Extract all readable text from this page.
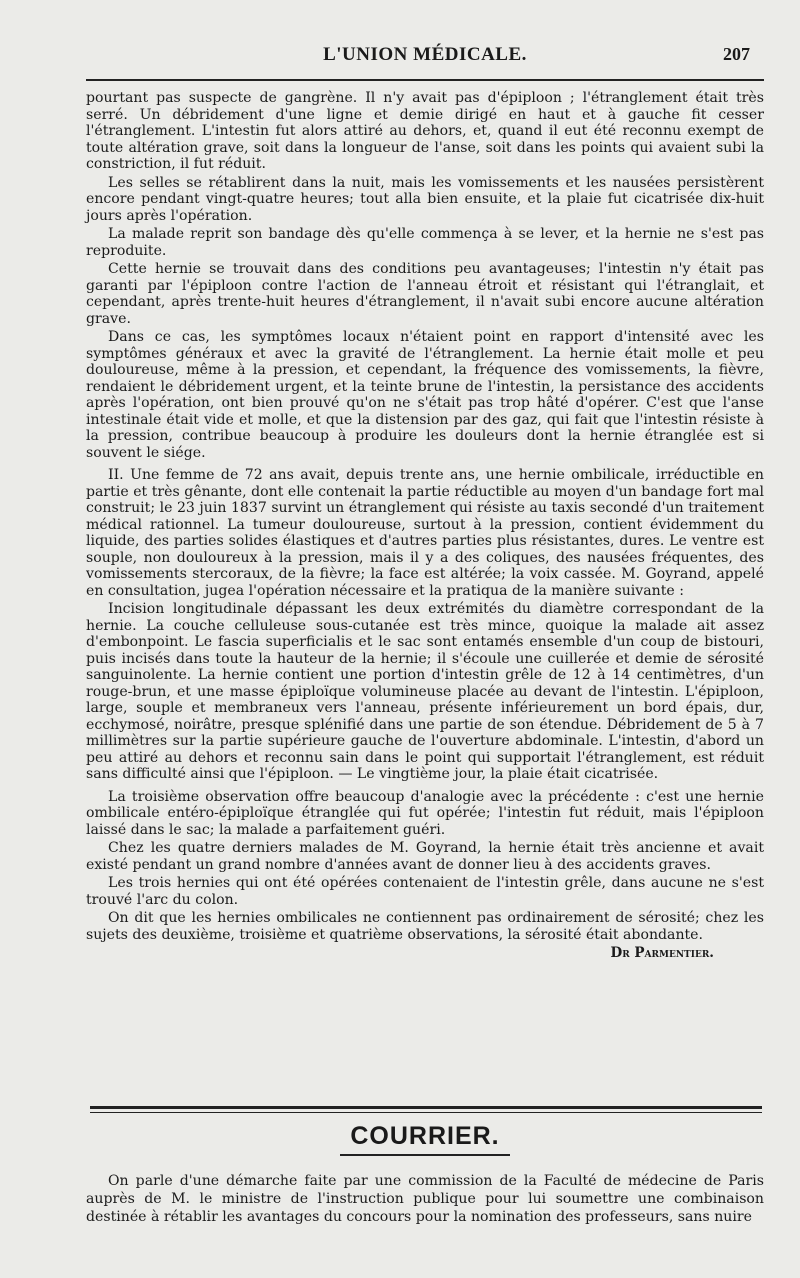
L'UNION MÉDICALE.	207

pourtant pas suspecte de gangrène. Il n'y avait pas d'épiploon ; l'étranglement était très serré. Un débridement d'une ligne et demie dirigé en haut et à gauche fit cesser l'étranglement. L'intestin fut alors attiré au dehors, et, quand il eut été reconnu exempt de toute altération grave, soit dans la longueur de l'anse, soit dans les points qui avaient subi la constriction, il fut réduit.

Les selles se rétablirent dans la nuit, mais les vomissements et les nausées persistèrent encore pendant vingt-quatre heures; tout alla bien ensuite, et la plaie fut cicatrisée dix-huit jours après l'opération.

La malade reprit son bandage dès qu'elle commença à se lever, et la hernie ne s'est pas reproduite.

Cette hernie se trouvait dans des conditions peu avantageuses; l'intestin n'y était pas garanti par l'épiploon contre l'action de l'anneau étroit et résistant qui l'étranglait, et cependant, après trente-huit heures d'étranglement, il n'avait subi encore aucune altération grave.

Dans ce cas, les symptômes locaux n'étaient point en rapport d'intensité avec les symptômes généraux et avec la gravité de l'étranglement. La hernie était molle et peu douloureuse, même à la pression, et cependant, la fréquence des vomissements, la fièvre, rendaient le débridement urgent, et la teinte brune de l'intestin, la persistance des accidents après l'opération, ont bien prouvé qu'on ne s'était pas trop hâté d'opérer. C'est que l'anse intestinale était vide et molle, et que la distension par des gaz, qui fait que l'intestin résiste à la pression, contribue beaucoup à produire les douleurs dont la hernie étranglée est si souvent le siége.

II. Une femme de 72 ans avait, depuis trente ans, une hernie ombilicale, irréductible en partie et très gênante, dont elle contenait la partie réductible au moyen d'un bandage fort mal construit; le 23 juin 1837 survint un étranglement qui résiste au taxis secondé d'un traitement médical rationnel. La tumeur douloureuse, surtout à la pression, contient évidemment du liquide, des parties solides élastiques et d'autres parties plus résistantes, dures. Le ventre est souple, non douloureux à la pression, mais il y a des coliques, des nausées fréquentes, des vomissements stercoraux, de la fièvre; la face est altérée; la voix cassée. M. Goyrand, appelé en consultation, jugea l'opération nécessaire et la pratiqua de la manière suivante :

Incision longitudinale dépassant les deux extrémités du diamètre correspondant de la hernie. La couche celluleuse sous-cutanée est très mince, quoique la malade ait assez d'embonpoint. Le fascia superficialis et le sac sont entamés ensemble d'un coup de bistouri, puis incisés dans toute la hauteur de la hernie; il s'écoule une cuillerée et demie de sérosité sanguinolente. La hernie contient une portion d'intestin grêle de 12 à 14 centimètres, d'un rouge-brun, et une masse épiploïque volumineuse placée au devant de l'intestin. L'épiploon, large, souple et membraneux vers l'anneau, présente inférieurement un bord épais, dur, ecchymosé, noirâtre, presque splénifié dans une partie de son étendue. Débridement de 5 à 7 millimètres sur la partie supérieure gauche de l'ouverture abdominale. L'intestin, d'abord un peu attiré au dehors et reconnu sain dans le point qui supportait l'étranglement, est réduit sans difficulté ainsi que l'épiploon. — Le vingtième jour, la plaie était cicatrisée.

La troisième observation offre beaucoup d'analogie avec la précédente : c'est une hernie ombilicale entéro-épiploïque étranglée qui fut opérée; l'intestin fut réduit, mais l'épiploon laissé dans le sac; la malade a parfaitement guéri.

Chez les quatre derniers malades de M. Goyrand, la hernie était très ancienne et avait existé pendant un grand nombre d'années avant de donner lieu à des accidents graves.

Les trois hernies qui ont été opérées contenaient de l'intestin grêle, dans aucune ne s'est trouvé l'arc du colon.

On dit que les hernies ombilicales ne contiennent pas ordinairement de sérosité; chez les sujets des deuxième, troisième et quatrième observations, la sérosité était abondante.

Dr Parmentier.
COURRIER.
On parle d'une démarche faite par une commission de la Faculté de médecine de Paris auprès de M. le ministre de l'instruction publique pour lui soumettre une combinaison destinée à rétablir les avantages du concours pour la nomination des professeurs, sans nuire
